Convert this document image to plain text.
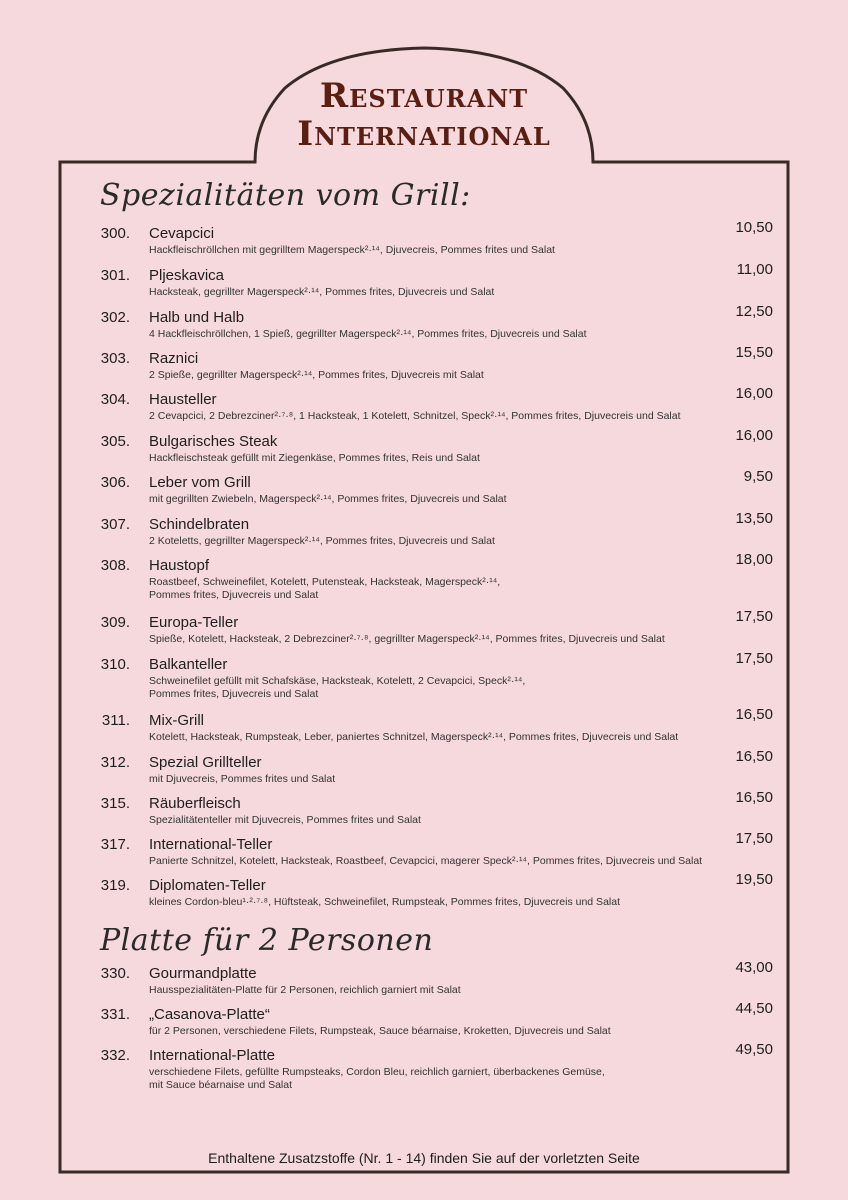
Restaurant
International
Spezialitäten vom Grill:
300. Cevapcici
Hackfleischröllchen mit gegrilltem Magerspeck²·¹⁴, Djuvecreis, Pommes frites und Salat
10,50
301. Pljeskavica
Hacksteak, gegrillter Magerspeck²·¹⁴, Pommes frites, Djuvecreis und Salat
11,00
302. Halb und Halb
4 Hackfleischröllchen, 1 Spieß, gegrillter Magerspeck²·¹⁴, Pommes frites, Djuvecreis und Salat
12,50
303. Raznici
2 Spieße, gegrillter Magerspeck²·¹⁴, Pommes frites, Djuvecreis mit Salat
15,50
304. Hausteller
2 Cevapcici, 2 Debrezciner²·⁷·⁸, 1 Hacksteak, 1 Kotelett, Schnitzel, Speck²·¹⁴, Pommes frites, Djuvecreis und Salat
16,00
305. Bulgarisches Steak
Hackfleischsteak gefüllt mit Ziegenkäse, Pommes frites, Reis und Salat
16,00
306. Leber vom Grill
mit gegrillten Zwiebeln, Magerspeck²·¹⁴, Pommes frites, Djuvecreis und Salat
9,50
307. Schindelbraten
2 Koteletts, gegrillter Magerspeck²·¹⁴, Pommes frites, Djuvecreis und Salat
13,50
308. Haustopf
Roastbeef, Schweinefilet, Kotelett, Putensteak, Hacksteak, Magerspeck²·¹⁴,
Pommes frites, Djuvecreis und Salat
18,00
309. Europa-Teller
Spieße, Kotelett, Hacksteak, 2 Debrezciner²·⁷·⁸, gegrillter Magerspeck²·¹⁴, Pommes frites, Djuvecreis und Salat
17,50
310. Balkanteller
Schweinefilet gefüllt mit Schafskäse, Hacksteak, Kotelett, 2 Cevapcici, Speck²·¹⁴,
Pommes frites, Djuvecreis und Salat
17,50
311. Mix-Grill
Kotelett, Hacksteak, Rumpsteak, Leber, paniertes Schnitzel, Magerspeck²·¹⁴, Pommes frites, Djuvecreis und Salat
16,50
312. Spezial Grillteller
mit Djuvecreis, Pommes frites und Salat
16,50
315. Räuberfleisch
Spezialitätenteller mit Djuvecreis, Pommes frites und Salat
16,50
317. International-Teller
Panierte Schnitzel, Kotelett, Hacksteak, Roastbeef, Cevapcici, magerer Speck²·¹⁴, Pommes frites, Djuvecreis und Salat
17,50
319. Diplomaten-Teller
kleines Cordon-bleu¹·²·⁷·⁸, Hüftsteak, Schweinefilet, Rumpsteak, Pommes frites, Djuvecreis und Salat
19,50
Platte für 2 Personen
330. Gourmandplatte
Hausspezialitäten-Platte für 2 Personen, reichlich garniert mit Salat
43,00
331. „Casanova-Platte“
für 2 Personen, verschiedene Filets, Rumpsteak, Sauce béarnaise, Kroketten, Djuvecreis und Salat
44,50
332. International-Platte
verschiedene Filets, gefüllte Rumpsteaks, Cordon Bleu, reichlich garniert, überbackenes Gemüse,
mit Sauce béarnaise und Salat
49,50
Enthaltene Zusatzstoffe (Nr. 1 - 14) finden Sie auf der vorletzten Seite
